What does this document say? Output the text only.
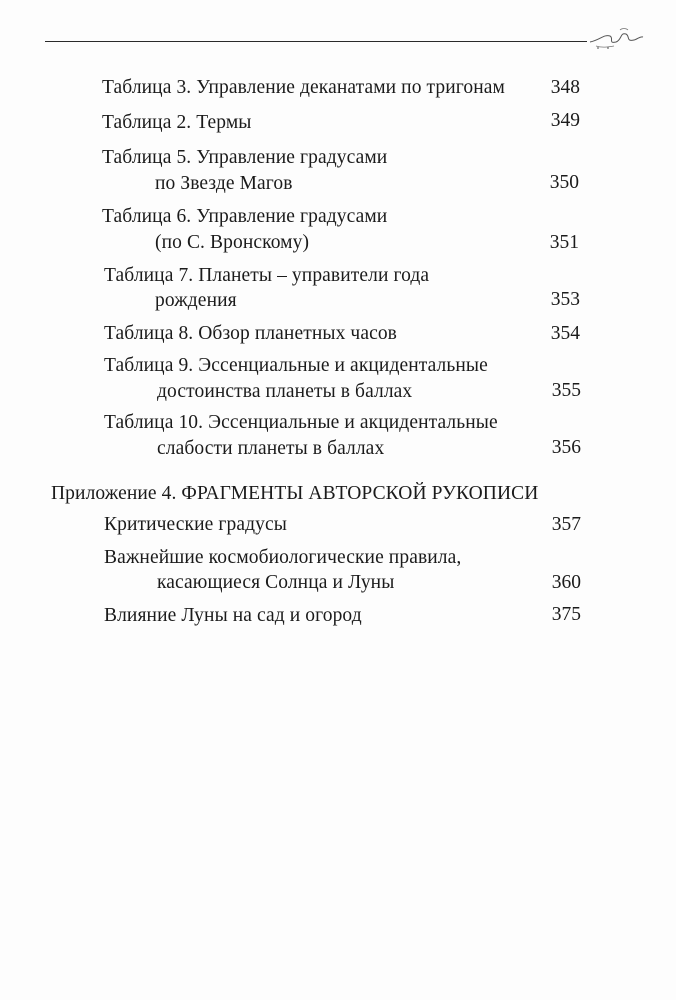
Таблица 3. Управление деканатами по тригонам	348
Таблица 2. Термы	349
Таблица 5. Управление градусами
по Звезде Магов	350
Таблица 6. Управление градусами
(по С. Вронскому)	351
Таблица 7. Планеты – управители года
рождения	353
Таблица 8. Обзор планетных часов	354
Таблица 9. Эссенциальные и акцидентальные
достоинства планеты в баллах	355
Таблица 10. Эссенциальные и акцидентальные
слабости планеты в баллах	356
Приложение 4. ФРАГМЕНТЫ АВТОРСКОЙ РУКОПИСИ
Критические градусы	357
Важнейшие космобиологические правила,
касающиеся Солнца и Луны	360
Влияние Луны на сад и огород	375
